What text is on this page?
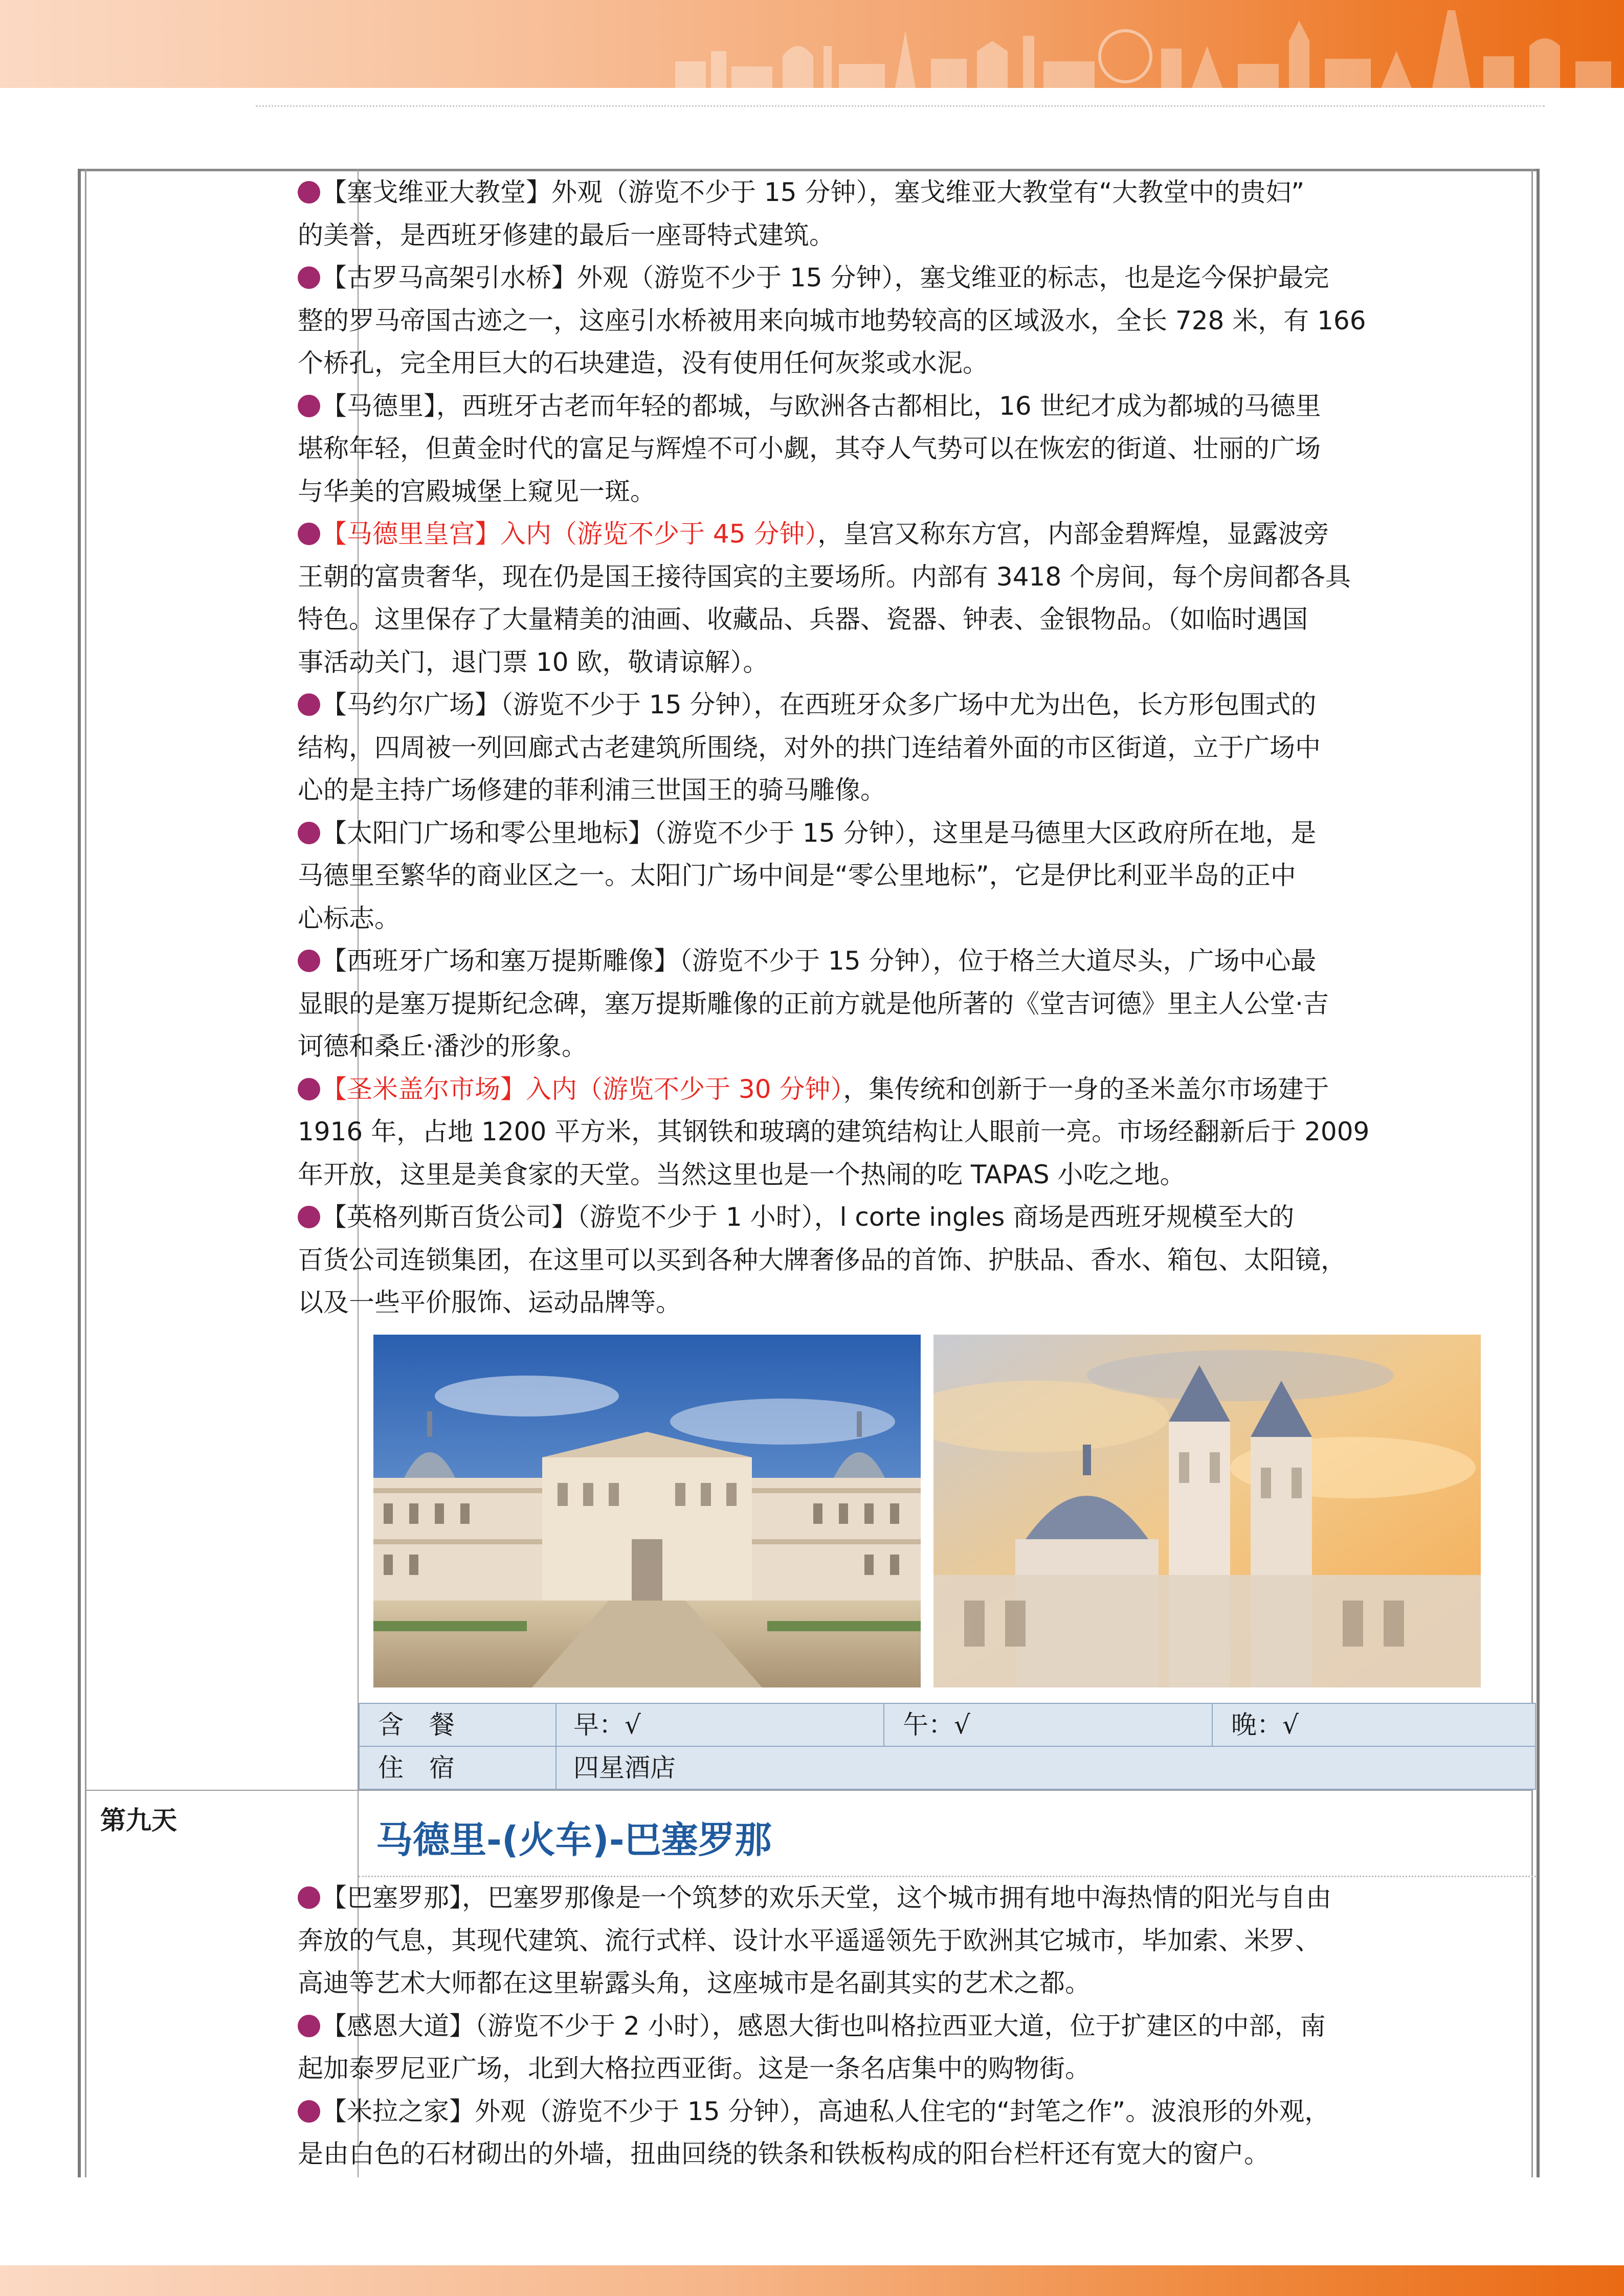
【塞戈维亚大教堂】外观（游览不少于 15 分钟），塞戈维亚大教堂有“大教堂中的贵妇”
的美誉，是西班牙修建的最后一座哥特式建筑。
【古罗马高架引水桥】外观（游览不少于 15 分钟），塞戈维亚的标志，也是迄今保护最完
整的罗马帝国古迹之一，这座引水桥被用来向城市地势较高的区域汲水，全长 728 米，有 166
个桥孔，完全用巨大的石块建造，没有使用任何灰浆或水泥。
【马德里】，西班牙古老而年轻的都城，与欧洲各古都相比，16 世纪才成为都城的马德里
堪称年轻，但黄金时代的富足与辉煌不可小觑，其夺人气势可以在恢宏的街道、壮丽的广场
与华美的宫殿城堡上窥见一斑。
【马德里皇宫】入内（游览不少于 45 分钟），皇宫又称东方宫，内部金碧辉煌，显露波旁
王朝的富贵奢华，现在仍是国王接待国宾的主要场所。内部有 3418 个房间，每个房间都各具
特色。这里保存了大量精美的油画、收藏品、兵器、瓷器、钟表、金银物品。（如临时遇国
事活动关门，退门票 10 欧，敬请谅解）。
【马约尔广场】（游览不少于 15 分钟），在西班牙众多广场中尤为出色，长方形包围式的
结构，四周被一列回廊式古老建筑所围绕，对外的拱门连结着外面的市区街道，立于广场中
心的是主持广场修建的菲利浦三世国王的骑马雕像。
【太阳门广场和零公里地标】（游览不少于 15 分钟），这里是马德里大区政府所在地，是
马德里至繁华的商业区之一。太阳门广场中间是“零公里地标”，它是伊比利亚半岛的正中
心标志。
【西班牙广场和塞万提斯雕像】（游览不少于 15 分钟），位于格兰大道尽头，广场中心最
显眼的是塞万提斯纪念碑，塞万提斯雕像的正前方就是他所著的《堂吉诃德》里主人公堂·吉
诃德和桑丘·潘沙的形象。
【圣米盖尔市场】入内（游览不少于 30 分钟），集传统和创新于一身的圣米盖尔市场建于
1916 年，占地 1200 平方米，其钢铁和玻璃的建筑结构让人眼前一亮。市场经翻新后于 2009
年开放，这里是美食家的天堂。当然这里也是一个热闹的吃 TAPAS 小吃之地。
【英格列斯百货公司】（游览不少于 1 小时），l corte ingles 商场是西班牙规模至大的
百货公司连锁集团，在这里可以买到各种大牌奢侈品的首饰、护肤品、香水、箱包、太阳镜，
以及一些平价服饰、运动品牌等。
含　餐	早：√	午：√	晚：√
住　宿	四星酒店
第九天	马德里-(火车)-巴塞罗那
【巴塞罗那】，巴塞罗那像是一个筑梦的欢乐天堂，这个城市拥有地中海热情的阳光与自由
奔放的气息，其现代建筑、流行式样、设计水平遥遥领先于欧洲其它城市，毕加索、米罗、
高迪等艺术大师都在这里崭露头角，这座城市是名副其实的艺术之都。
【感恩大道】（游览不少于 2 小时），感恩大街也叫格拉西亚大道，位于扩建区的中部，南
起加泰罗尼亚广场，北到大格拉西亚街。这是一条名店集中的购物街。
【米拉之家】外观（游览不少于 15 分钟），高迪私人住宅的“封笔之作”。波浪形的外观，
是由白色的石材砌出的外墙，扭曲回绕的铁条和铁板构成的阳台栏杆还有宽大的窗户。
